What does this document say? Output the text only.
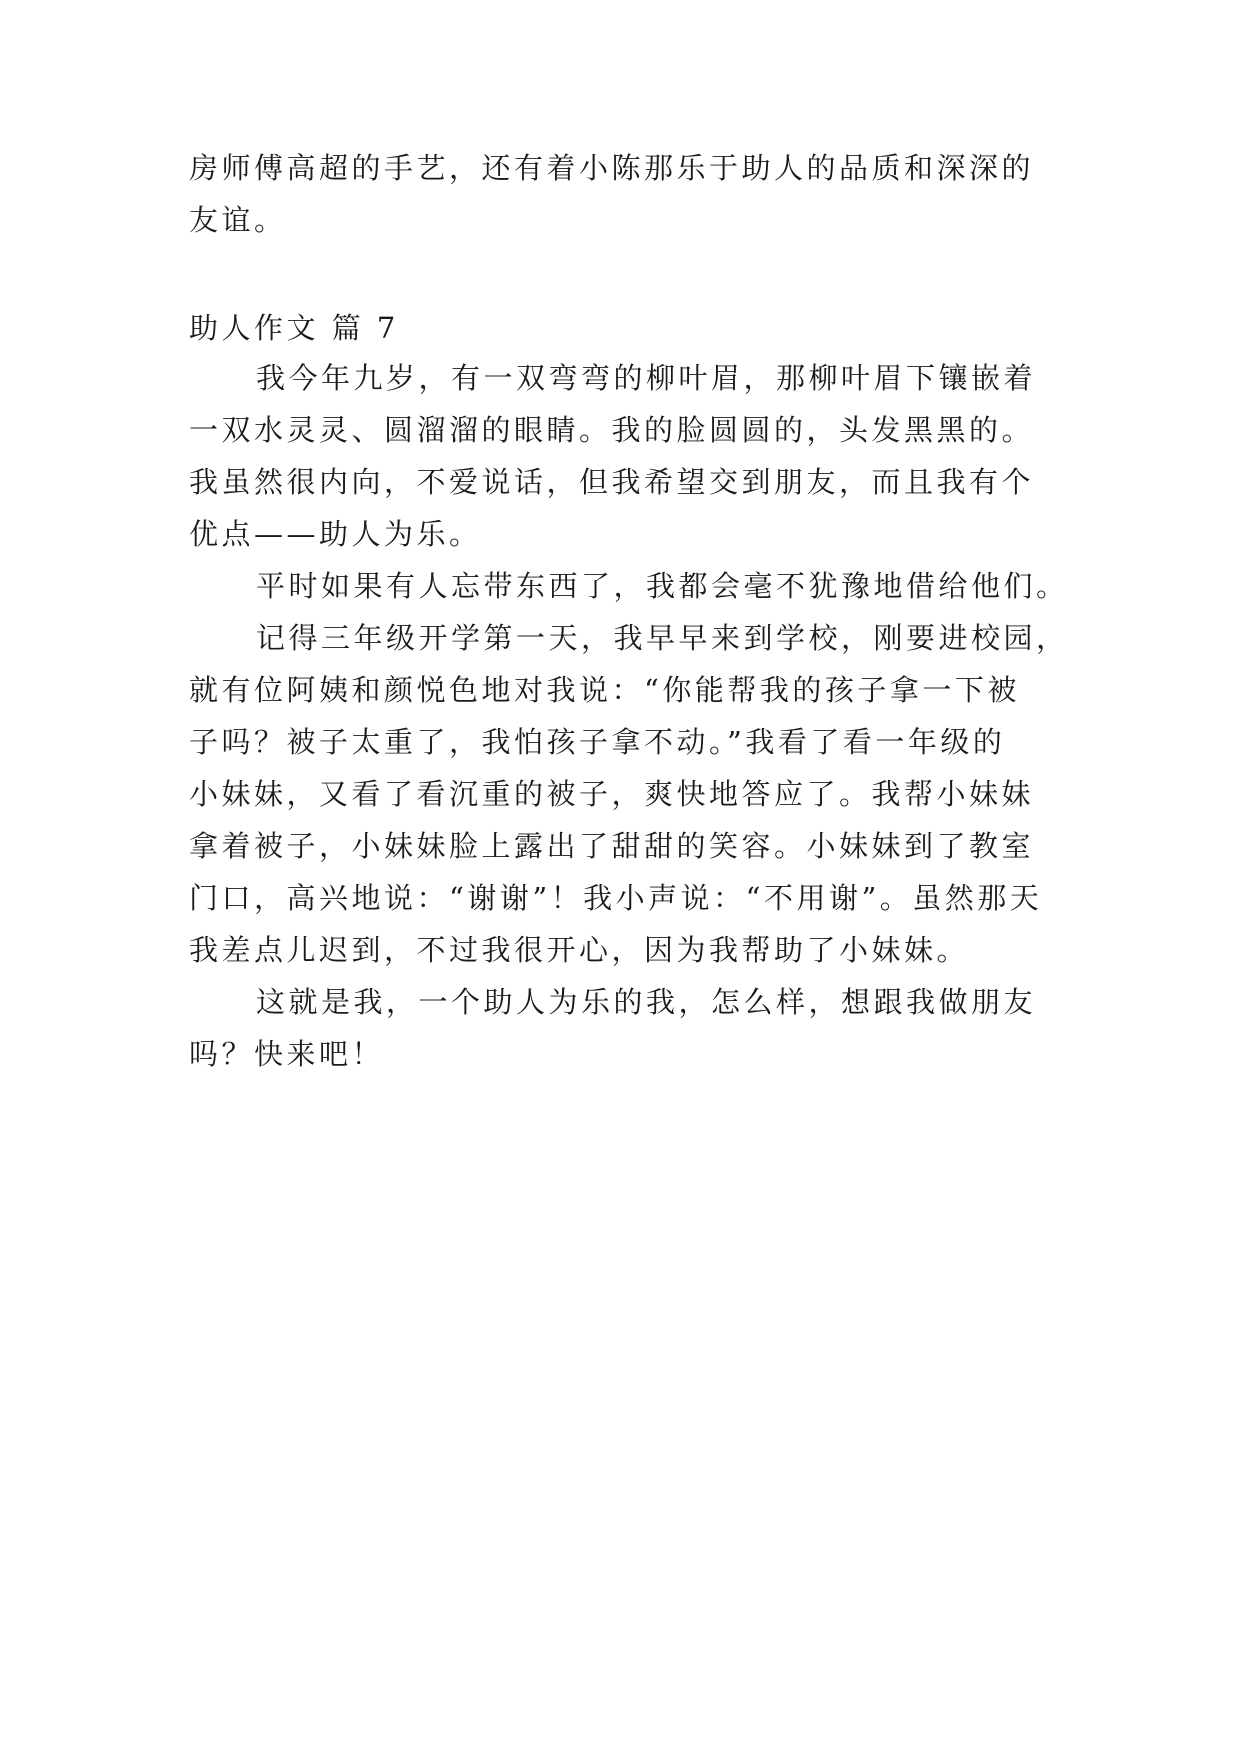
房师傅高超的手艺，还有着小陈那乐于助人的品质和深深的
友谊。
助人作文 篇 7
我今年九岁，有一双弯弯的柳叶眉，那柳叶眉下镶嵌着
一双水灵灵、圆溜溜的眼睛。我的脸圆圆的，头发黑黑的。
我虽然很内向，不爱说话，但我希望交到朋友，而且我有个
优点——助人为乐。
平时如果有人忘带东西了，我都会毫不犹豫地借给他们。
记得三年级开学第一天，我早早来到学校，刚要进校园，
就有位阿姨和颜悦色地对我说：“你能帮我的孩子拿一下被
子吗？被子太重了，我怕孩子拿不动。”我看了看一年级的
小妹妹，又看了看沉重的被子，爽快地答应了。我帮小妹妹
拿着被子，小妹妹脸上露出了甜甜的笑容。小妹妹到了教室
门口，高兴地说：“谢谢”！我小声说：“不用谢”。虽然那天
我差点儿迟到，不过我很开心，因为我帮助了小妹妹。
这就是我，一个助人为乐的我，怎么样，想跟我做朋友
吗？快来吧！
